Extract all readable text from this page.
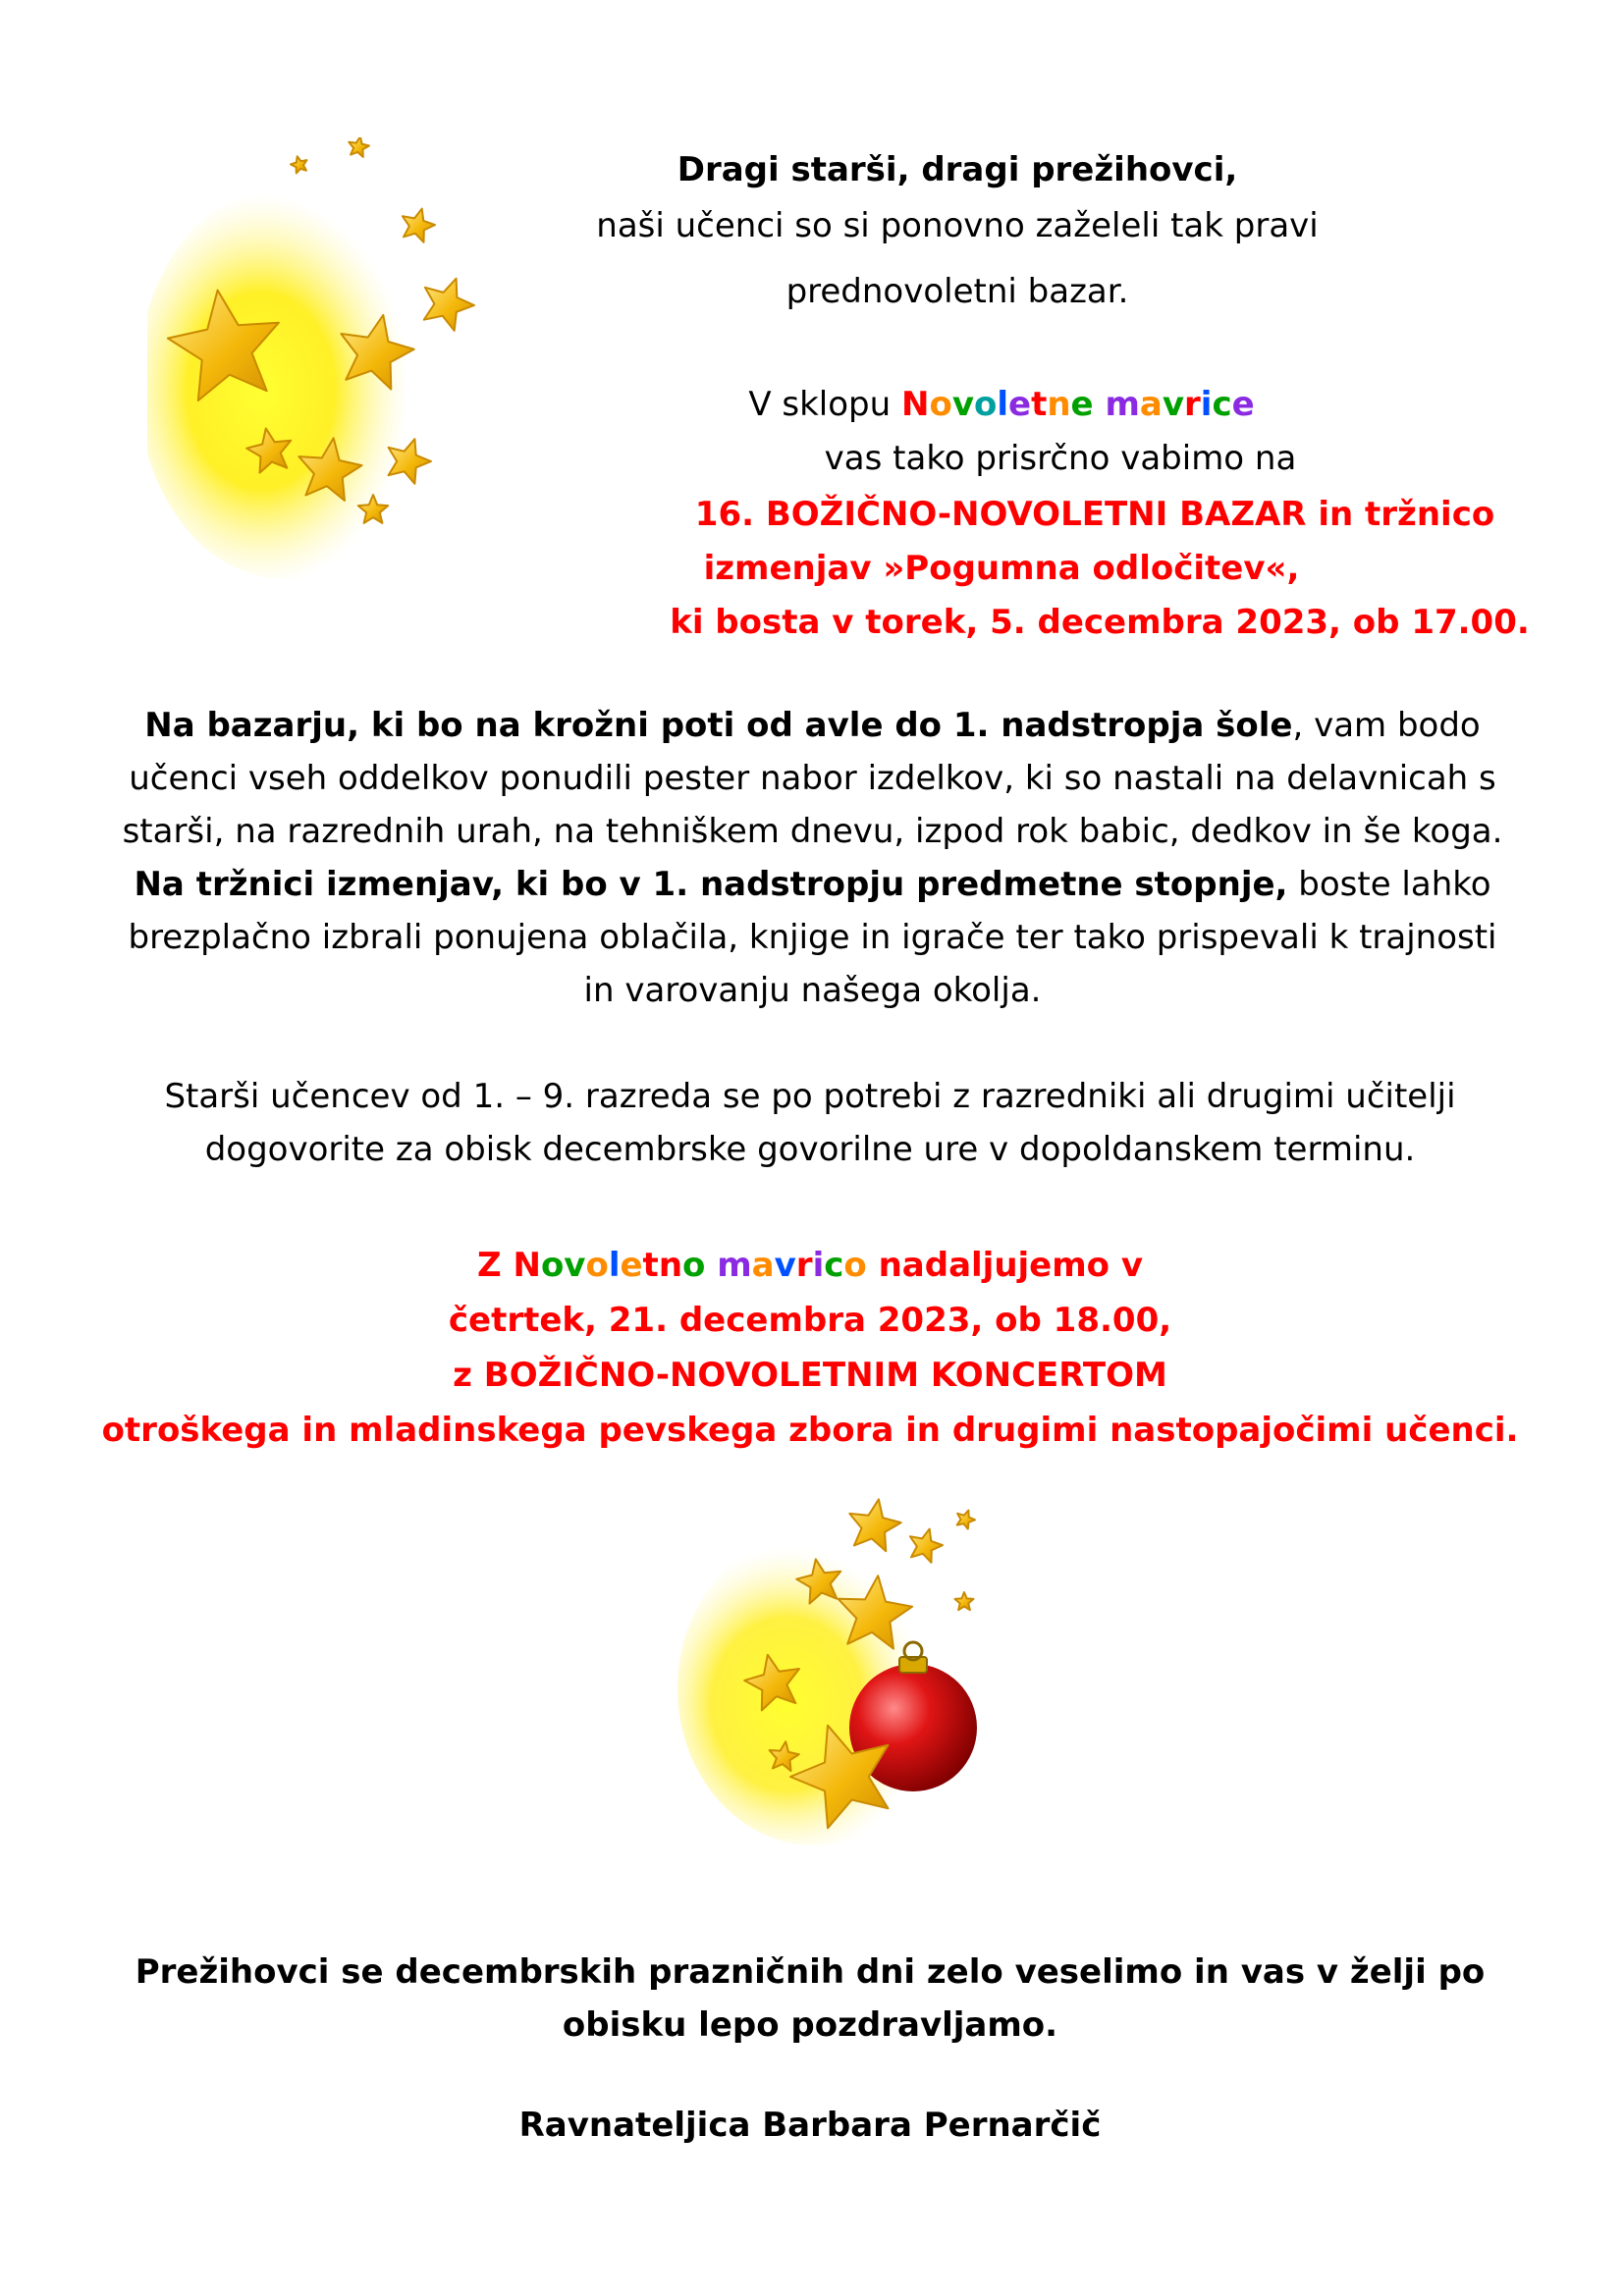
Dragi starši, dragi prežihovci,

naši učenci so si ponovno zaželeli tak pravi

prednovoletni bazar.

V sklopu Novoletne mavrice

vas tako prisrčno vabimo na

16. BOŽIČNO-NOVOLETNI BAZAR in tržnico

izmenjav »Pogumna odločitev«,

ki bosta v torek, 5. decembra 2023, ob 17.00.

Na bazarju, ki bo na krožni poti od avle do 1. nadstropja šole, vam bodo učenci vseh oddelkov ponudili pester nabor izdelkov, ki so nastali na delavnicah s starši, na razrednih urah, na tehniškem dnevu, izpod rok babic, dedkov in še koga.

Na tržnici izmenjav, ki bo v 1. nadstropju predmetne stopnje, boste lahko brezplačno izbrali ponujena oblačila, knjige in igrače ter tako prispevali k trajnosti in varovanju našega okolja.

Starši učencev od 1. – 9. razreda se po potrebi z razredniki ali drugimi učitelji dogovorite za obisk decembrske govorilne ure v dopoldanskem terminu.

Z Novoletno mavrico nadaljujemo v

četrtek, 21. decembra 2023, ob 18.00,

z BOŽIČNO-NOVOLETNIM KONCERTOM

otroškega in mladinskega pevskega zbora in drugimi nastopajočimi učenci.

Prežihovci se decembrskih prazničnih dni zelo veselimo in vas v želji po obisku lepo pozdravljamo.

Ravnateljica Barbara Pernarčič
